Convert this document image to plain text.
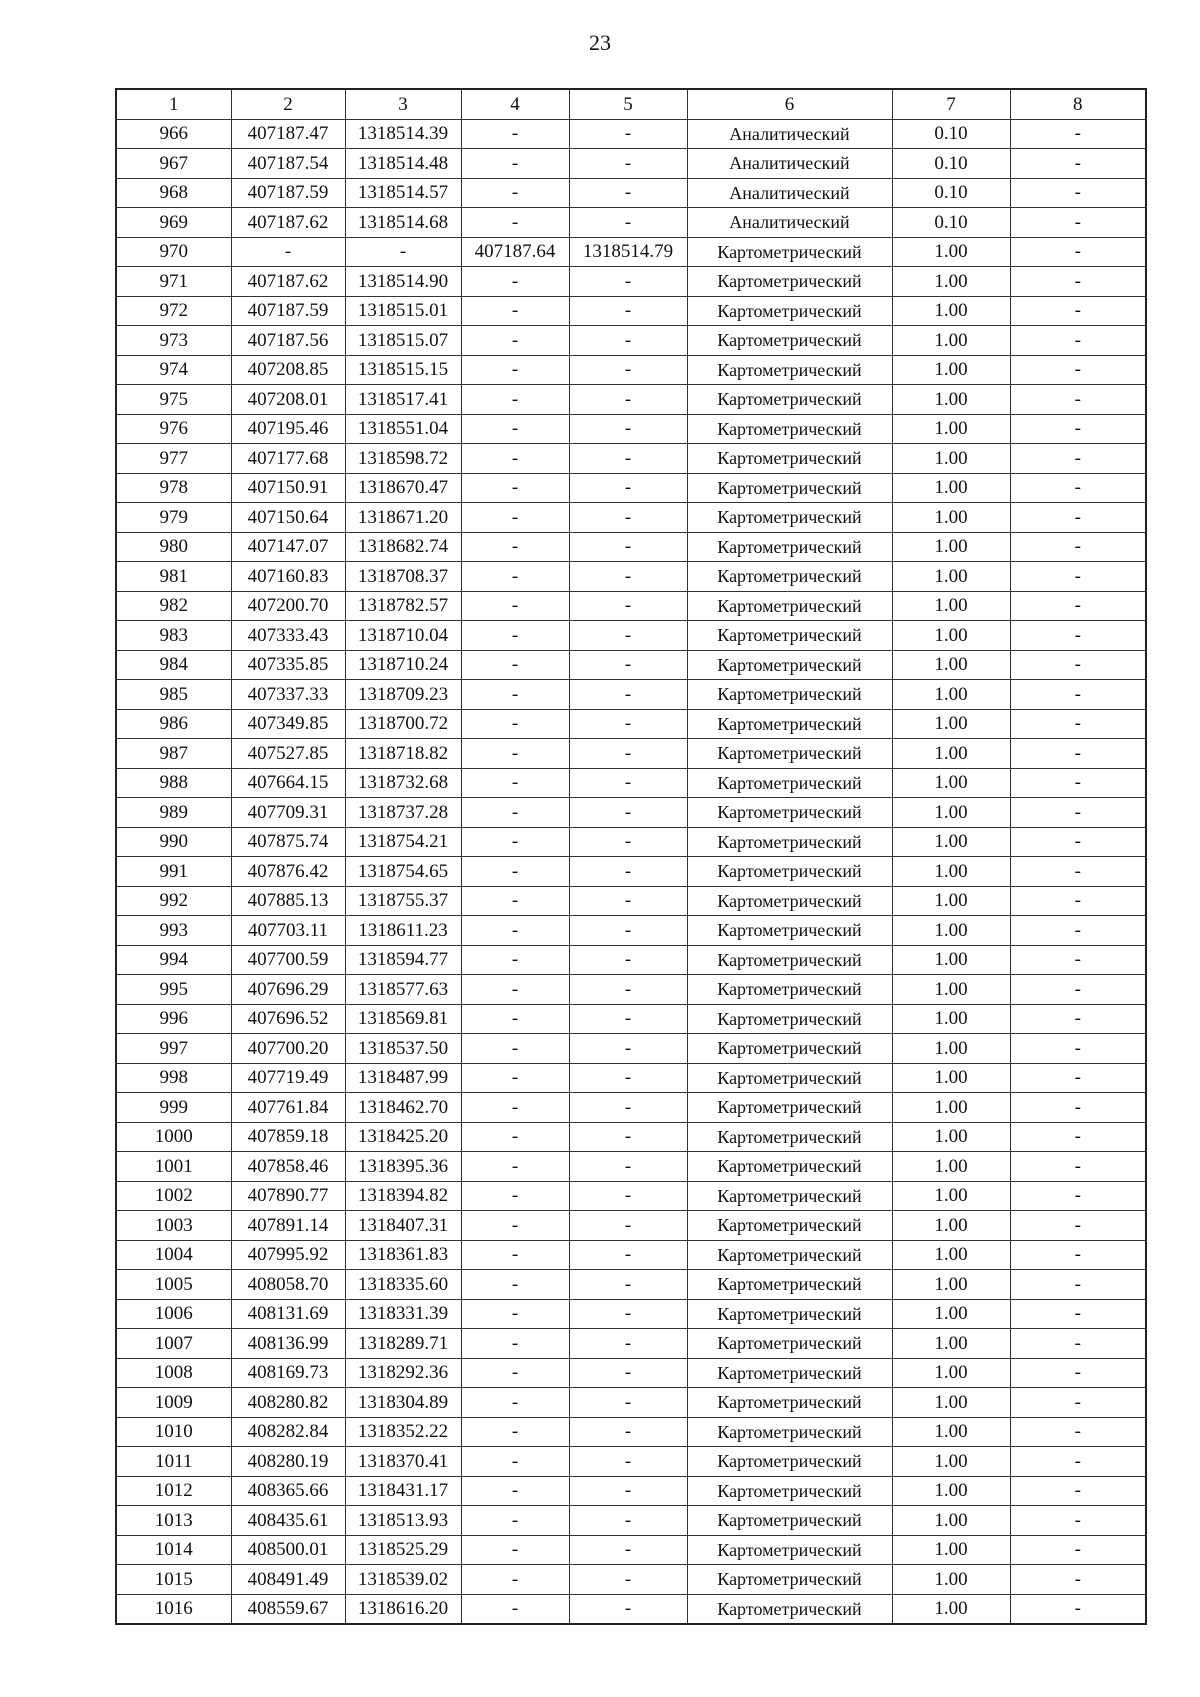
23
1	2	3	4	5	6	7	8
966	407187.47	1318514.39	-	-	Аналитический	0.10	-
967	407187.54	1318514.48	-	-	Аналитический	0.10	-
968	407187.59	1318514.57	-	-	Аналитический	0.10	-
969	407187.62	1318514.68	-	-	Аналитический	0.10	-
970	-	-	407187.64	1318514.79	Картометрический	1.00	-
971	407187.62	1318514.90	-	-	Картометрический	1.00	-
972	407187.59	1318515.01	-	-	Картометрический	1.00	-
973	407187.56	1318515.07	-	-	Картометрический	1.00	-
974	407208.85	1318515.15	-	-	Картометрический	1.00	-
975	407208.01	1318517.41	-	-	Картометрический	1.00	-
976	407195.46	1318551.04	-	-	Картометрический	1.00	-
977	407177.68	1318598.72	-	-	Картометрический	1.00	-
978	407150.91	1318670.47	-	-	Картометрический	1.00	-
979	407150.64	1318671.20	-	-	Картометрический	1.00	-
980	407147.07	1318682.74	-	-	Картометрический	1.00	-
981	407160.83	1318708.37	-	-	Картометрический	1.00	-
982	407200.70	1318782.57	-	-	Картометрический	1.00	-
983	407333.43	1318710.04	-	-	Картометрический	1.00	-
984	407335.85	1318710.24	-	-	Картометрический	1.00	-
985	407337.33	1318709.23	-	-	Картометрический	1.00	-
986	407349.85	1318700.72	-	-	Картометрический	1.00	-
987	407527.85	1318718.82	-	-	Картометрический	1.00	-
988	407664.15	1318732.68	-	-	Картометрический	1.00	-
989	407709.31	1318737.28	-	-	Картометрический	1.00	-
990	407875.74	1318754.21	-	-	Картометрический	1.00	-
991	407876.42	1318754.65	-	-	Картометрический	1.00	-
992	407885.13	1318755.37	-	-	Картометрический	1.00	-
993	407703.11	1318611.23	-	-	Картометрический	1.00	-
994	407700.59	1318594.77	-	-	Картометрический	1.00	-
995	407696.29	1318577.63	-	-	Картометрический	1.00	-
996	407696.52	1318569.81	-	-	Картометрический	1.00	-
997	407700.20	1318537.50	-	-	Картометрический	1.00	-
998	407719.49	1318487.99	-	-	Картометрический	1.00	-
999	407761.84	1318462.70	-	-	Картометрический	1.00	-
1000	407859.18	1318425.20	-	-	Картометрический	1.00	-
1001	407858.46	1318395.36	-	-	Картометрический	1.00	-
1002	407890.77	1318394.82	-	-	Картометрический	1.00	-
1003	407891.14	1318407.31	-	-	Картометрический	1.00	-
1004	407995.92	1318361.83	-	-	Картометрический	1.00	-
1005	408058.70	1318335.60	-	-	Картометрический	1.00	-
1006	408131.69	1318331.39	-	-	Картометрический	1.00	-
1007	408136.99	1318289.71	-	-	Картометрический	1.00	-
1008	408169.73	1318292.36	-	-	Картометрический	1.00	-
1009	408280.82	1318304.89	-	-	Картометрический	1.00	-
1010	408282.84	1318352.22	-	-	Картометрический	1.00	-
1011	408280.19	1318370.41	-	-	Картометрический	1.00	-
1012	408365.66	1318431.17	-	-	Картометрический	1.00	-
1013	408435.61	1318513.93	-	-	Картометрический	1.00	-
1014	408500.01	1318525.29	-	-	Картометрический	1.00	-
1015	408491.49	1318539.02	-	-	Картометрический	1.00	-
1016	408559.67	1318616.20	-	-	Картометрический	1.00	-
